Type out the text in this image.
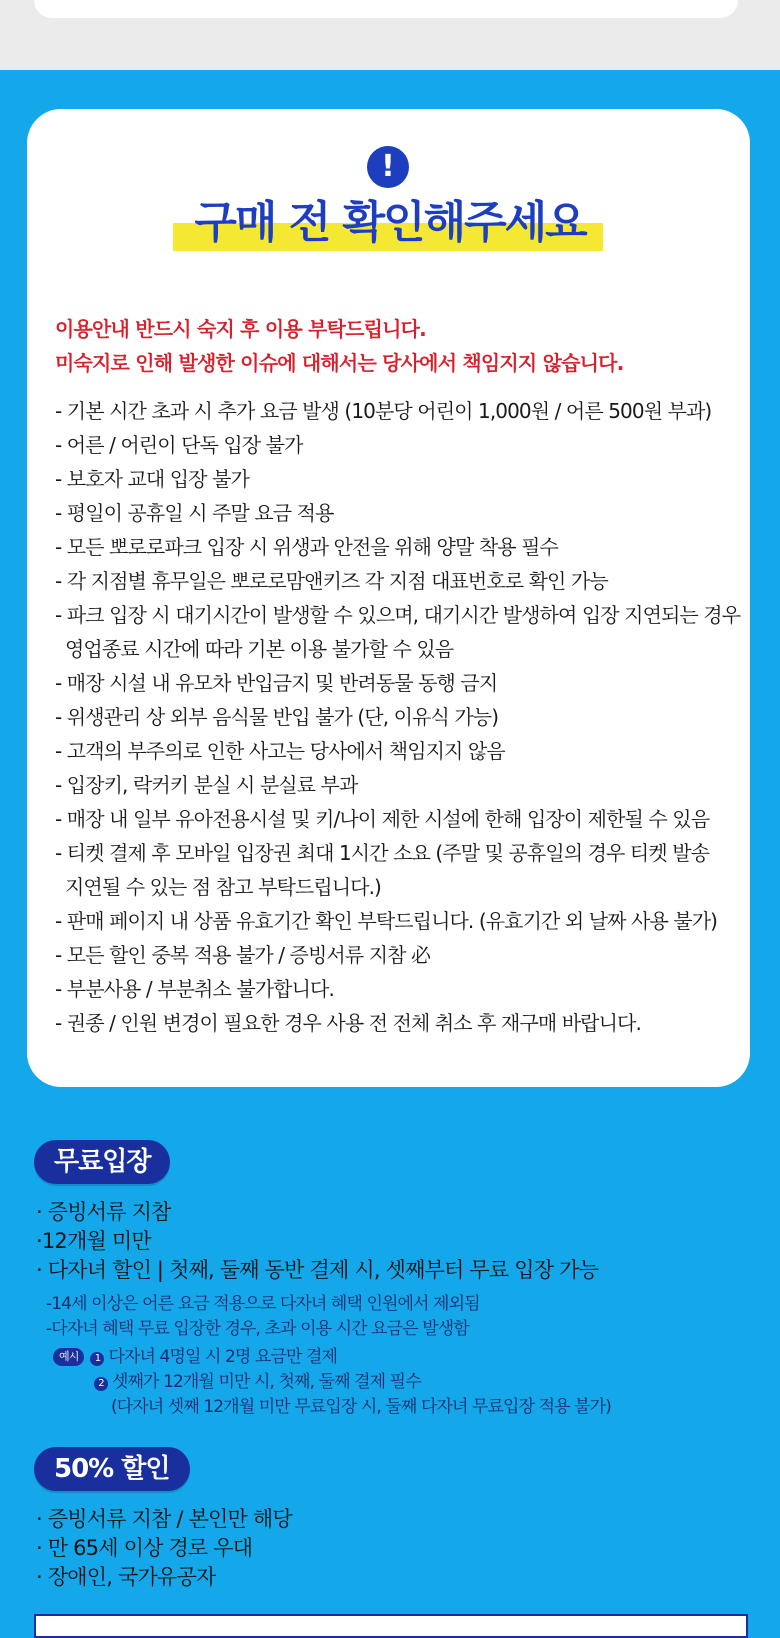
!
구매 전 확인해주세요
이용안내 반드시 숙지 후 이용 부탁드립니다.
미숙지로 인해 발생한 이슈에 대해서는 당사에서 책임지지 않습니다.
- 기본 시간 초과 시 추가 요금 발생 (10분당 어린이 1,000원 / 어른 500원 부과)
- 어른 / 어린이 단독 입장 불가
- 보호자 교대 입장 불가
- 평일이 공휴일 시 주말 요금 적용
- 모든 뽀로로파크 입장 시 위생과 안전을 위해 양말 착용 필수
- 각 지점별 휴무일은 뽀로로맘앤키즈 각 지점 대표번호로 확인 가능
- 파크 입장 시 대기시간이 발생할 수 있으며, 대기시간 발생하여 입장 지연되는 경우
영업종료 시간에 따라 기본 이용 불가할 수 있음
- 매장 시설 내 유모차 반입금지 및 반려동물 동행 금지
- 위생관리 상 외부 음식물 반입 불가 (단, 이유식 가능)
- 고객의 부주의로 인한 사고는 당사에서 책임지지 않음
- 입장키, 락커키 분실 시 분실료 부과
- 매장 내 일부 유아전용시설 및 키/나이 제한 시설에 한해 입장이 제한될 수 있음
- 티켓 결제 후 모바일 입장권 최대 1시간 소요 (주말 및 공휴일의 경우 티켓 발송
지연될 수 있는 점 참고 부탁드립니다.)
- 판매 페이지 내 상품 유효기간 확인 부탁드립니다. (유효기간 외 날짜 사용 불가)
- 모든 할인 중복 적용 불가 / 증빙서류 지참 必
- 부분사용 / 부분취소 불가합니다.
- 권종 / 인원 변경이 필요한 경우 사용 전 전체 취소 후 재구매 바랍니다.
무료입장
· 증빙서류 지참
·12개월 미만
· 다자녀 할인 | 첫째, 둘째 동반 결제 시, 셋째부터 무료 입장 가능
-14세 이상은 어른 요금 적용으로 다자녀 혜택 인원에서 제외됨
-다자녀 혜택 무료 입장한 경우, 초과 이용 시간 요금은 발생함
예시 1 다자녀 4명일 시 2명 요금만 결제
2 셋째가 12개월 미만 시, 첫째, 둘째 결제 필수
(다자녀 셋째 12개월 미만 무료입장 시, 둘째 다자녀 무료입장 적용 불가)
50% 할인
· 증빙서류 지참 / 본인만 해당
· 만 65세 이상 경로 우대
· 장애인, 국가유공자
